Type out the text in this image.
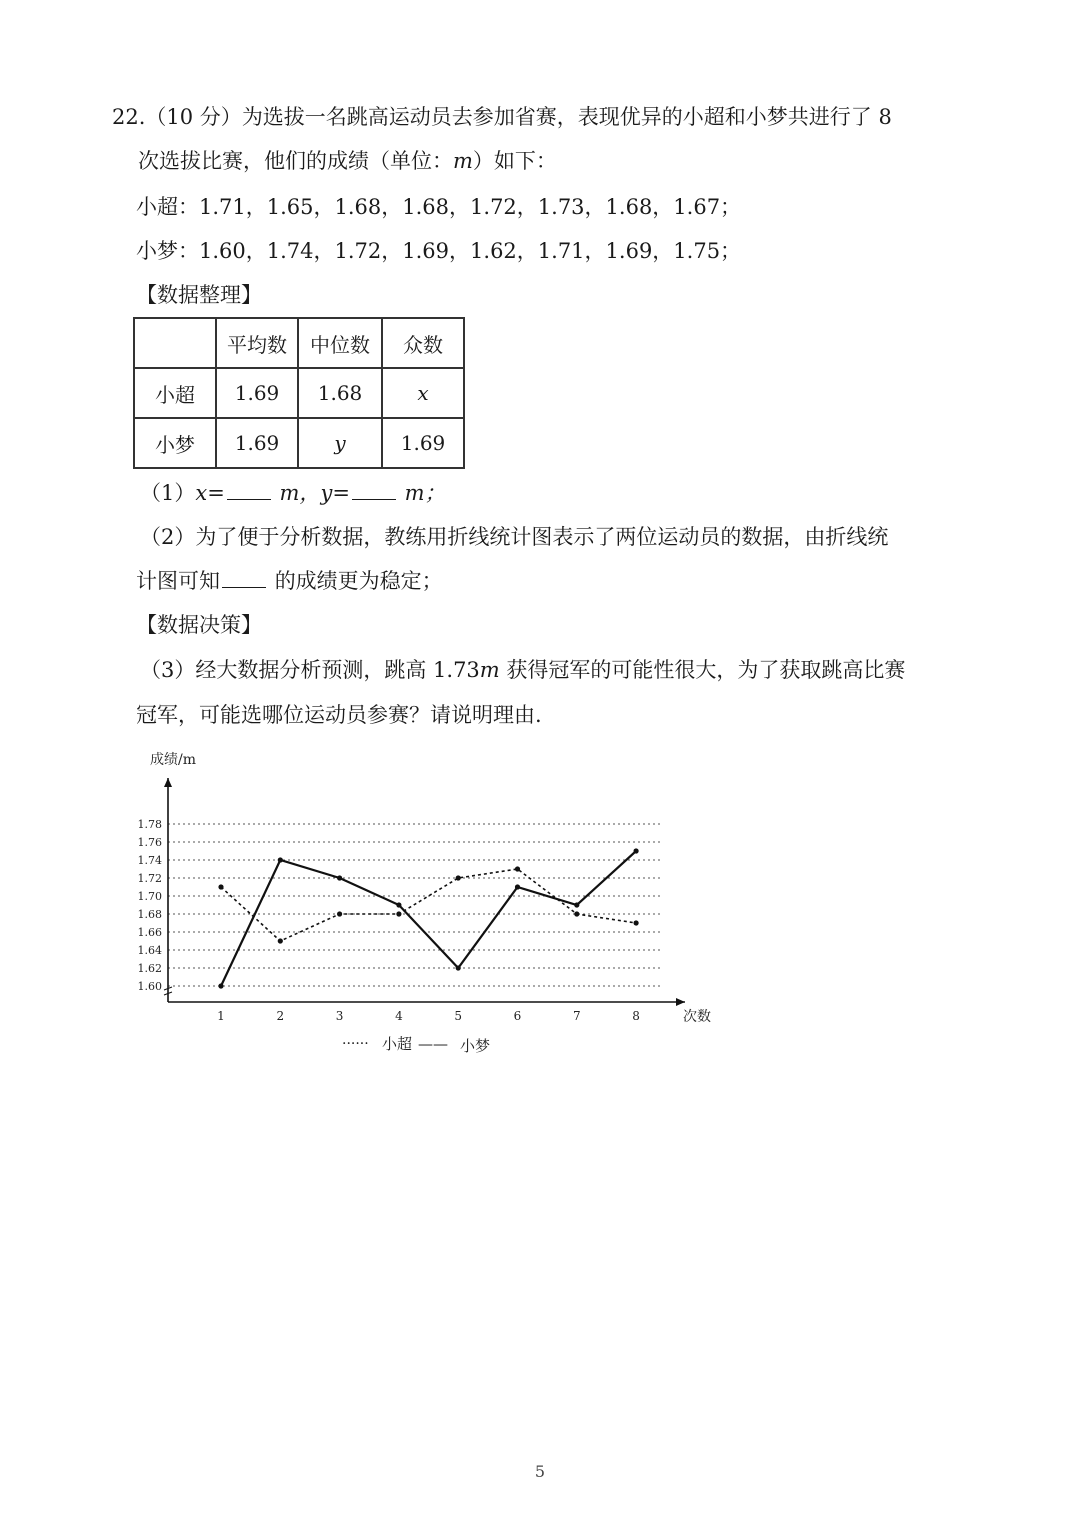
22.（10 分）为选拔一名跳高运动员去参加省赛，表现优异的小超和小梦共进行了 8
次选拔比赛，他们的成绩（单位：m）如下：
小超：1.71，1.65，1.68，1.68，1.72，1.73，1.68，1.67；
小梦：1.60，1.74，1.72，1.69，1.62，1.71，1.69，1.75；
【数据整理】
	平均数	中位数	众数
小超	1.69	1.68	x
小梦	1.69	y	1.69
（1）x=	m，y=	m；
（2）为了便于分析数据，教练用折线统计图表示了两位运动员的数据，由折线统
计图可知	的成绩更为稳定；
【数据决策】
（3）经大数据分析预测，跳高 1.73m 获得冠军的可能性很大，为了获取跳高比赛
冠军，可能选哪位运动员参赛？请说明理由.
1.60
1.62
1.64
1.66
1.68
1.70
1.72
1.74
1.76
1.78
1	2	3	4	5	6	7	8
成绩/m
次数
······ 小超 —— 小梦
5
